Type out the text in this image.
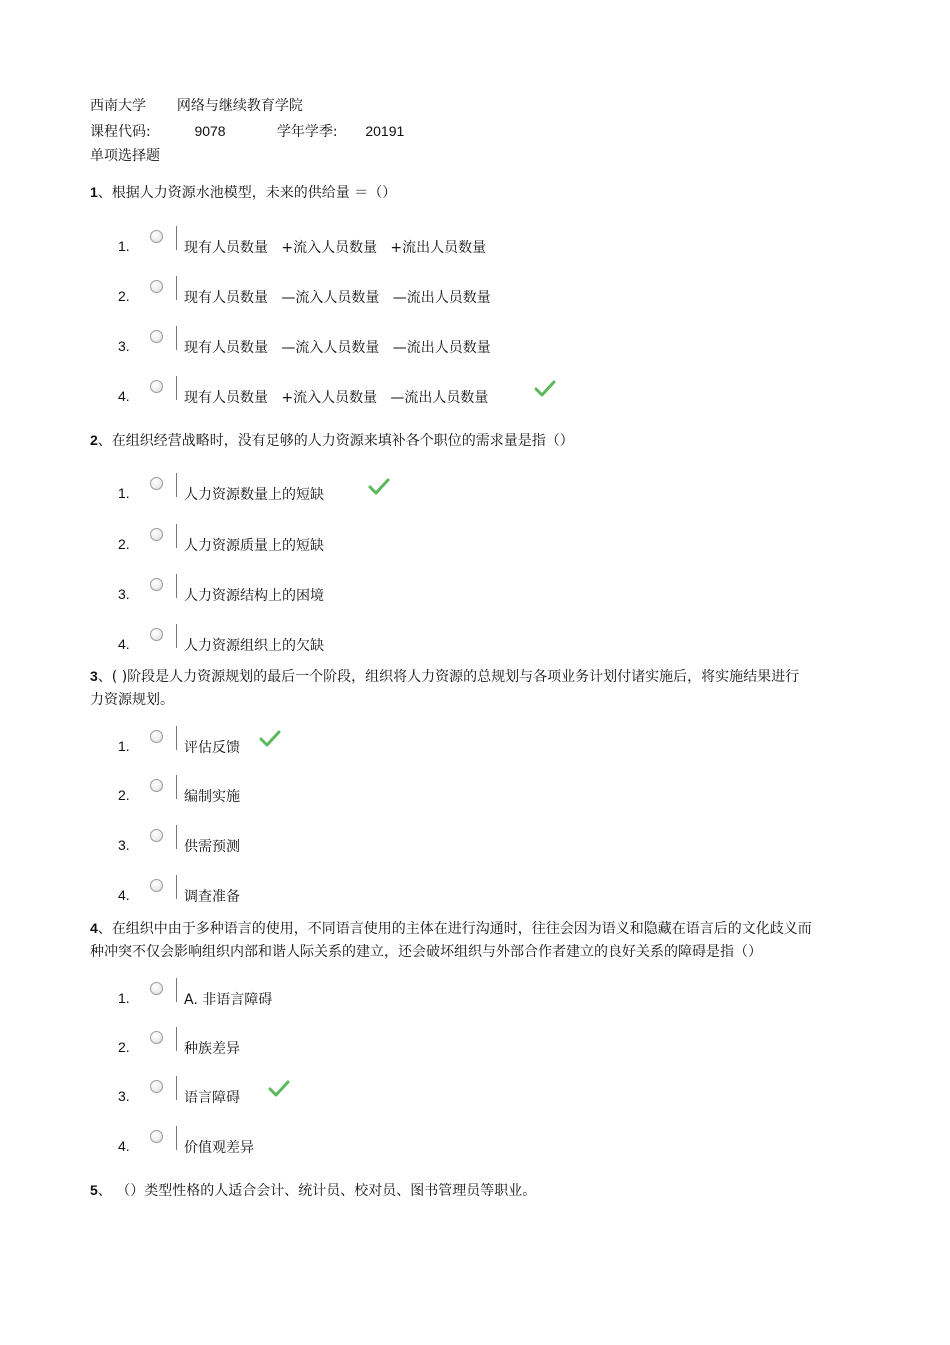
西南大学 网络与继续教育学院
课程代码:	9078	学年学季: 20191
单项选择题
1、根据人力资源水池模型，未来的供给量 ＝（）
1.	现有人员数量   +流入人员数量   +流出人员数量
2.	现有人员数量   —流入人员数量   —流出人员数量
3.	现有人员数量   —流入人员数量   —流出人员数量
4.	现有人员数量   +流入人员数量   —流出人员数量
2、在组织经营战略时，没有足够的人力资源来填补各个职位的需求量是指（）
1.	人力资源数量上的短缺
2.	人力资源质量上的短缺
3.	人力资源结构上的困境
4.	人力资源组织上的欠缺
3、( )阶段是人力资源规划的最后一个阶段，组织将人力资源的总规划与各项业务计划付诸实施后，将实施结果进行
力资源规划。
1.	评估反馈
2.	编制实施
3.	供需预测
4.	调查准备
4、在组织中由于多种语言的使用，不同语言使用的主体在进行沟通时，往往会因为语义和隐藏在语言后的文化歧义而
种冲突不仅会影响组织内部和谐人际关系的建立，还会破坏组织与外部合作者建立的良好关系的障碍是指（）
1.	A. 非语言障碍
2.	种族差异
3.	语言障碍
4.	价值观差异
5、 （）类型性格的人适合会计、统计员、校对员、图书管理员等职业。
